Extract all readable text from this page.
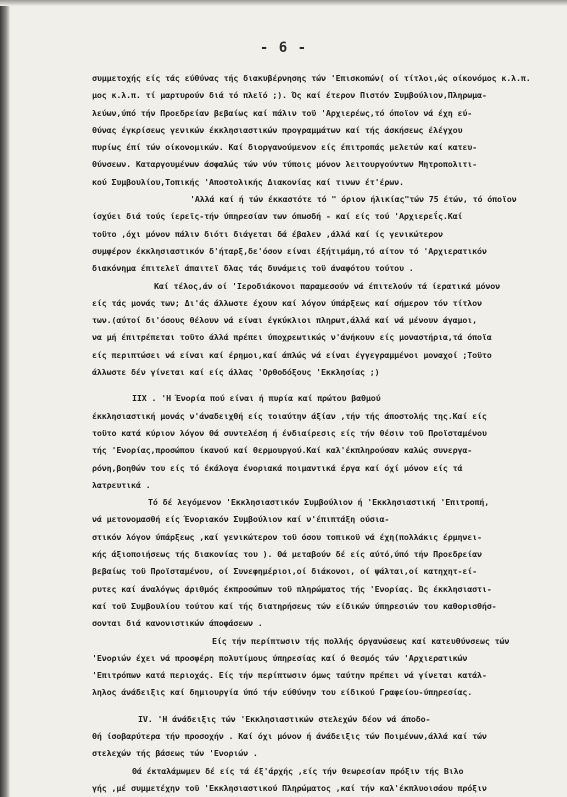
- 6 -
συμμετοχής είς τάς εύθύνας τής διακυβέρνησης τών 'Επισκοπών( οί τίτλοι,ώς οίκονόμος κ.λ.π.
μος κ.λ.π. τί μαρτυρούν διά τό πλεϊό ;). Ός καί έτερον Πιστόν Συμβούλιον,Πληρωμα-
λεύων,ύπό τήν Προεδρείαν βεβαίως καί πάλιν τοϋ 'Αρχιερέως,τό όποϊον νά έχη εύ-
θύνας έγκρίσεως γενικών έκκλησιαστικών προγραμμάτων καί τής άσκήσεως έλέγχου
πυρίως έπί τών οίκονομικών. Καί διοργανούμενον είς έπιτροπάς μελετών καί κατευ-
θύνσεων. Καταργουμένων άσφαλώς τών νύν τύποις μόνον λειτουργούντων Μητροπολιτι-
κού Συμβουλίου,Τοπικής 'Αποστολικής Διακονίας καί τινων έτ'έρων.
'Αλλά καί ή τών έκκαστότε τό " όριον ήλικίας"τών 75 έτών, τό όποϊον
ίσχύει διά τούς ίερεϊς-τήν ύπηρεσίαν των όπωσδή - καί είς τού 'Αρχιερεΐς.Καί
τοϋτο ,όχι μόνον πάλιν διότι διάγεται δά έβαλεν ,άλλά καί ίς γενικώτερον
συμφέρον έκκλησιαστικόν δ'ήταρξ,δε'όσον είναι έξήτιμάμη,τό αίτον τό 'Αρχιερατικόν
διακόνημα έπιτελεϊ άπαιτεϊ δλας τάς δυνάμεις τοϋ άναφότου τούτου .
Καί τέλος,άν οί 'Ιεροδιάκονοι παραμεσούν νά έπιτελούν τά ίερατικά μόνον
είς τάς μονάς των; Δι'άς άλλωστε έχουν καί λόγον ύπάρξεως καί σήμερον τόν τίτλον
των.(αύτοί δι'όσους θέλουν νά είναι έγκύκλιοι πληρωτ,άλλά καί νά μένουν άγαμοι,
να μή έπιτρέπεται τοϋτο άλλά πρέπει ύποχρεωτικώς ν'άνήκουν είς μοναστήρια,τά όποϊα
είς περιπτώσει νά είναι καί έρημοι,καί άπλώς νά είναι έγγεγραμμένοι μοναχοί ;Τοϋτο
άλλωστε δέν γίνεται καί είς άλλας 'Ορθοδόξους 'Εκκλησίας ;)
ΙΙΧ . 'Η Ένορία πού είναι ή πυρία καί πρώτου βαθμού
έκκλησιαστική μονάς ν'άναδειχθή είς τοιαύτην άξίαν ,τήν τής άποστολής της.Καί είς
τοϋτο κατά κύριον λόγον θά συντελέση ή ένδιαίρεσις είς τήν θέσιν τοϋ Προϊσταμένου
τής 'Ενορίας,προσώπου ίκανού καί θερμουργού.Καί καλ'έκπληρούσαν καλώς συνεργα-
ρόνη,βοηθών του είς τό έκάλογα ένοριακά ποιμαντικά έργα καί όχί μόνον είς τά
λατρευτικά .
Τό δέ λεγόμενον 'Εκκλησιαστικόν Συμβούλιον ή 'Εκκλησιαστική 'Επιτροπή,
νά μετονομασθή είς Ένοριακόν Συμβούλιον καί ν'έπιπτάξη ούσια-
στικόν λόγον ύπάρξεως ,καί γενικώτερον τοϋ όσου τοπικοϋ νά έχη(πολλάκις έρμηνει-
κής άξιοποιήσεως τής διακονίας του ). Θά μεταβούν δέ είς αύτό,ύπό τήν Προεδρείαν
βεβαίως τοϋ Προϊσταμένου, οί Συνεφημέριοι,οί διάκονοι, οί ψάλται,οί κατηχητ-εί-
ρυτες καί άναλόγως άριθμός έκπροσώπων τοϋ πληρώματος τής 'Ενορίας. Ώς έκκλησιαστι-
καί τοϋ Συμβουλίου τούτου καί τής διατηρήσεως τών είδικών ύπηρεσιών του καθορισθήσ-
σονται διά κανονιστικών άποφάσεων .
Είς τήν περίπτωσιν τής πολλής όργανώσεως καί κατευθύνσεως τών
'Ενοριών έχει νά προσφέρη πολυτίμους ύπηρεσίας καί ό θεσμός τών 'Αρχιερατικών
'Επιτρόπων κατά περιοχάς. Είς τήν περίπτωσιν όμως ταύτην πρέπει νά γίνεται κατάλ-
ληλος άνάδειξις καί δημιουργία ύπό τήν εύθύνην του είδικού Γραφείου-ύπηρεσίας.
IV. 'Η άνάδειξις τών 'Εκκλησιαστικών στελεχών δέον νά άποδο-
θή ίσοβαρύτερα τήν προσοχήν . Καί όχι μόνον ή άνάδειξις τών Ποιμένων,άλλά καί τών
στελεχών τής βάσεως τών 'Ενοριών .
Θά έκταλάμωμεν δέ είς τά έξ'άρχής ,είς τήν θεωρεσίαν πρόξιν τής Βιλο
γής ,μέ συμμετέχην τοϋ 'Εκκλησιαστικού Πληρώματος ,καί τήν καλ'έκπλυοισάου πρόξιν
